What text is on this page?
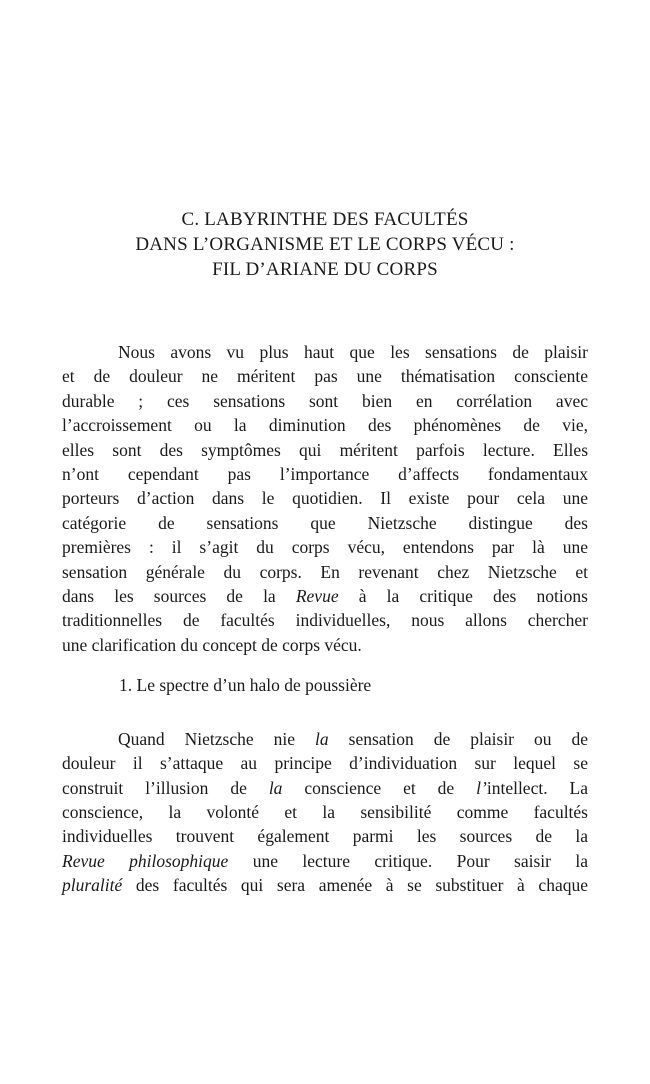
C. LABYRINTHE DES FACULTÉS
DANS L’ORGANISME ET LE CORPS VÉCU :
FIL D’ARIANE DU CORPS
Nous avons vu plus haut que les sensations de plaisir
et de douleur ne méritent pas une thématisation consciente
durable ; ces sensations sont bien en corrélation avec
l’accroissement ou la diminution des phénomènes de vie,
elles sont des symptômes qui méritent parfois lecture. Elles
n’ont cependant pas l’importance d’affects fondamentaux
porteurs d’action dans le quotidien. Il existe pour cela une
catégorie de sensations que Nietzsche distingue des
premières : il s’agit du corps vécu, entendons par là une
sensation générale du corps. En revenant chez Nietzsche et
dans les sources de la Revue à la critique des notions
traditionnelles de facultés individuelles, nous allons chercher
une clarification du concept de corps vécu.
1. Le spectre d’un halo de poussière
Quand Nietzsche nie la sensation de plaisir ou de
douleur il s’attaque au principe d’individuation sur lequel se
construit l’illusion de la conscience et de l’intellect. La
conscience, la volonté et la sensibilité comme facultés
individuelles trouvent également parmi les sources de la
Revue philosophique une lecture critique. Pour saisir la
pluralité des facultés qui sera amenée à se substituer à chaque
